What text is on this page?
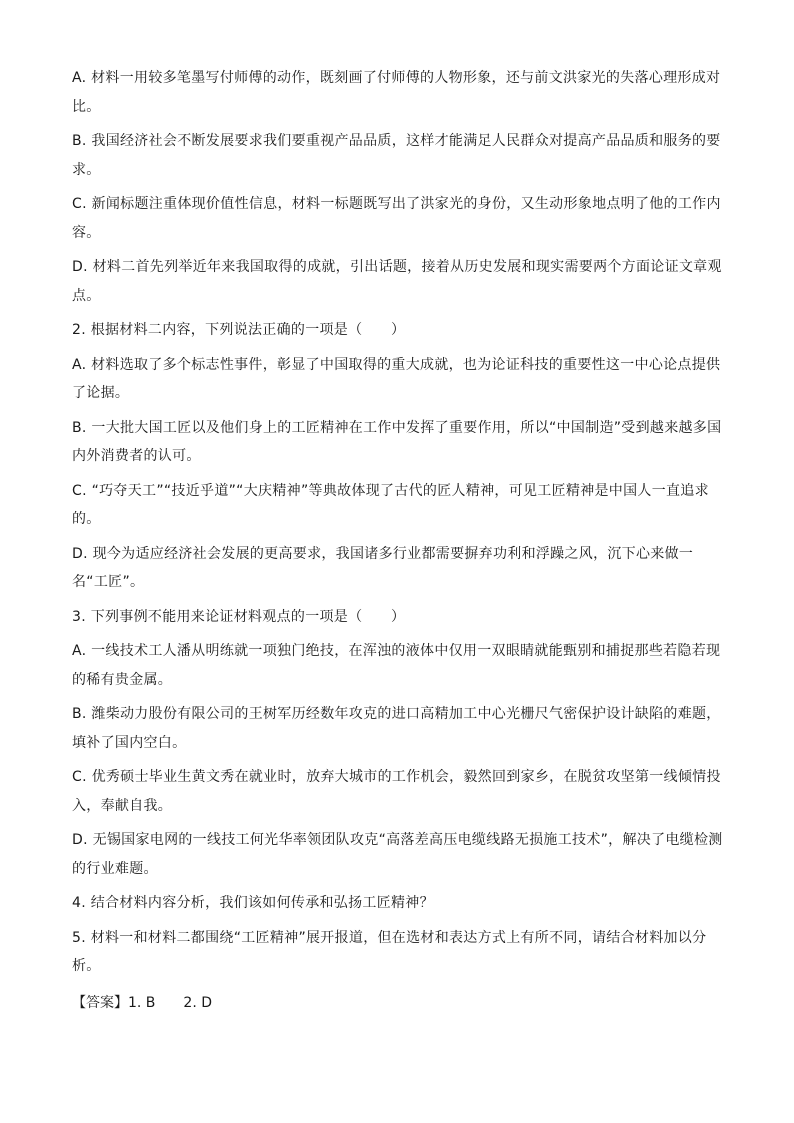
A. 材料一用较多笔墨写付师傅的动作，既刻画了付师傅的人物形象，还与前文洪家光的失落心理形成对比。

B. 我国经济社会不断发展要求我们要重视产品品质，这样才能满足人民群众对提高产品品质和服务的要求。

C. 新闻标题注重体现价值性信息，材料一标题既写出了洪家光的身份，又生动形象地点明了他的工作内容。

D. 材料二首先列举近年来我国取得的成就，引出话题，接着从历史发展和现实需要两个方面论证文章观点。

2. 根据材料二内容，下列说法正确的一项是（　　）

A. 材料选取了多个标志性事件，彰显了中国取得的重大成就，也为论证科技的重要性这一中心论点提供了论据。

B. 一大批大国工匠以及他们身上的工匠精神在工作中发挥了重要作用，所以“中国制造”受到越来越多国内外消费者的认可。

C. “巧夺天工”“技近乎道”“大庆精神”等典故体现了古代的匠人精神，可见工匠精神是中国人一直追求的。

D. 现今为适应经济社会发展的更高要求，我国诸多行业都需要摒弃功利和浮躁之风，沉下心来做一名“工匠”。

3. 下列事例不能用来论证材料观点的一项是（　　）

A. 一线技术工人潘从明练就一项独门绝技，在浑浊的液体中仅用一双眼睛就能甄别和捕捉那些若隐若现的稀有贵金属。

B. 潍柴动力股份有限公司的王树军历经数年攻克的进口高精加工中心光栅尺气密保护设计缺陷的难题，填补了国内空白。

C. 优秀硕士毕业生黄文秀在就业时，放弃大城市的工作机会，毅然回到家乡，在脱贫攻坚第一线倾情投入，奉献自我。

D. 无锡国家电网的一线技工何光华率领团队攻克“高落差高压电缆线路无损施工技术”，解决了电缆检测的行业难题。

4. 结合材料内容分析，我们该如何传承和弘扬工匠精神？

5. 材料一和材料二都围绕“工匠精神”展开报道，但在选材和表达方式上有所不同，请结合材料加以分析。

【答案】1. B 2. D
